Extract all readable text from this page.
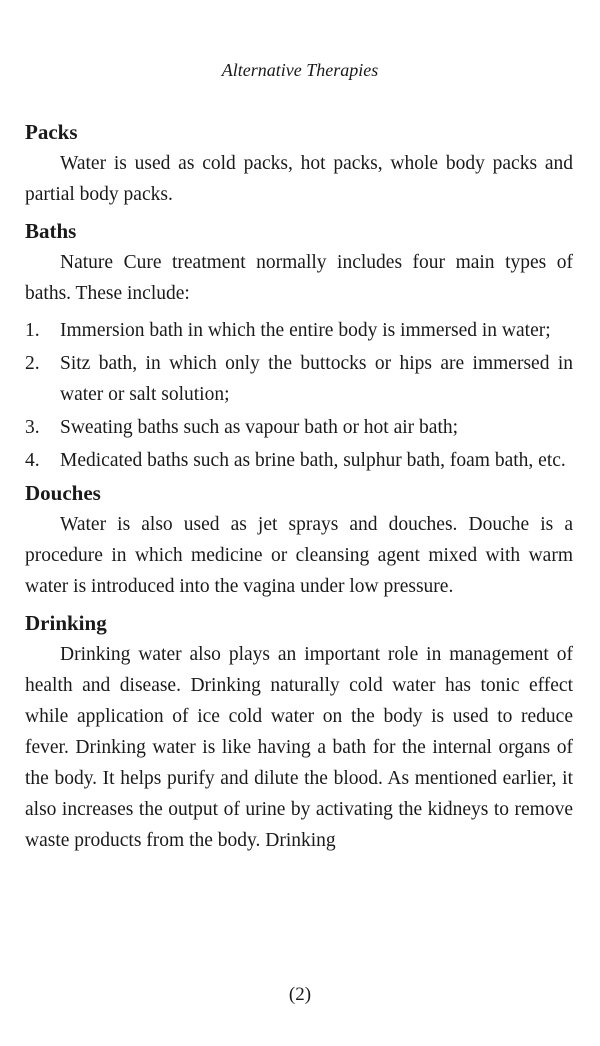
Alternative Therapies
Packs

Water is used as cold packs, hot packs, whole body packs and partial body packs.

Baths

Nature Cure treatment normally includes four main types of baths. These include:

1. Immersion bath in which the entire body is immersed in water;
2. Sitz bath, in which only the buttocks or hips are immersed in water or salt solution;
3. Sweating baths such as vapour bath or hot air bath;
4. Medicated baths such as brine bath, sulphur bath, foam bath, etc.
Douches

Water is also used as jet sprays and douches. Douche is a procedure in which medicine or cleansing agent mixed with warm water is introduced into the vagina under low pressure.

Drinking

Drinking water also plays an important role in management of health and disease. Drinking naturally cold water has tonic effect while application of ice cold water on the body is used to reduce fever. Drinking water is like having a bath for the internal organs of the body. It helps purify and dilute the blood. As mentioned earlier, it also increases the output of urine by activating the kidneys to remove waste products from the body. Drinking

(2)
